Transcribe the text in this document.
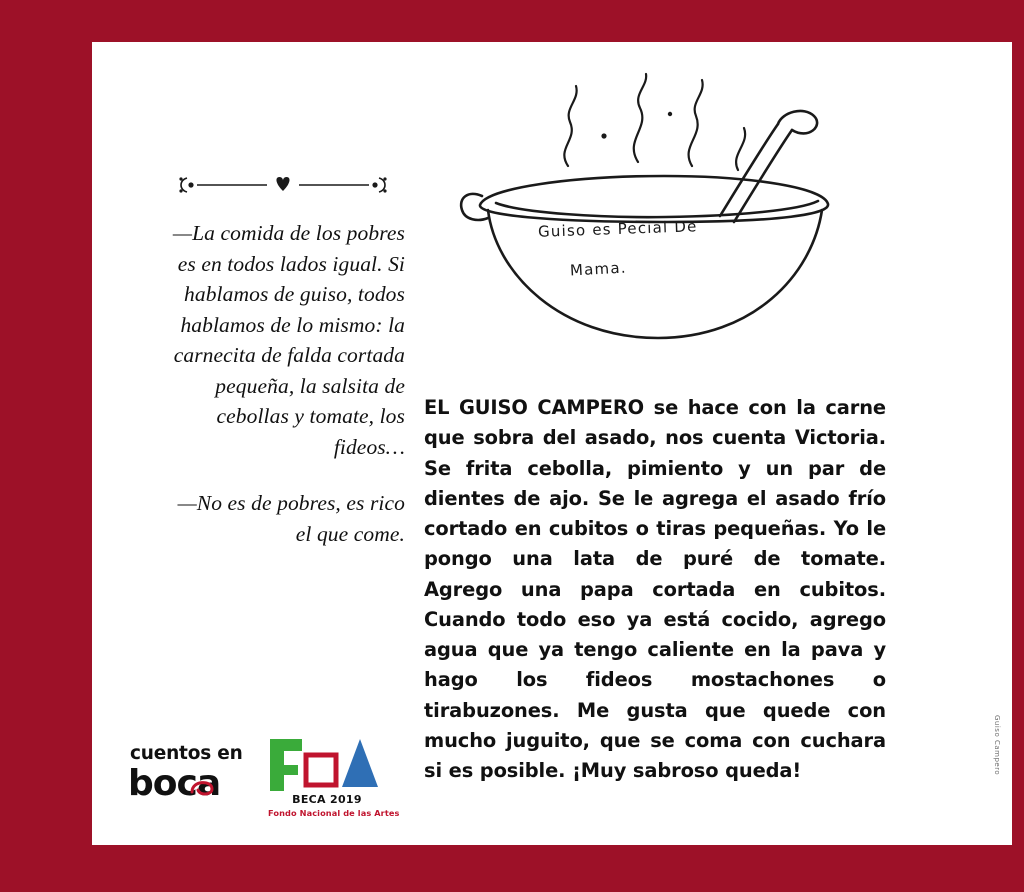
—La comida de los pobres es en todos lados igual. Si hablamos de guiso, todos hablamos de lo mismo: la carnecita de falda cortada pequeña, la salsita de cebollas y tomate, los fideos…

—No es de pobres, es rico el que come.

cuentos en
boca	BECA 2019
Fondo Nacional de las Artes
Guiso es Pecial De
Mama.
EL GUISO CAMPERO se hace con la carne que sobra del asado, nos cuenta Victoria. Se frita cebolla, pimiento y un par de dientes de ajo. Se le agrega el asado frío cortado en cubitos o tiras pequeñas. Yo le pongo una lata de puré de tomate. Agrego una papa cortada en cubitos. Cuando todo eso ya está cocido, agrego agua que ya tengo caliente en la pava y hago los fideos mostachones o tirabuzones. Me gusta que quede con mucho juguito, que se coma con cuchara si es posible. ¡Muy sabroso queda!	Guiso Campero
